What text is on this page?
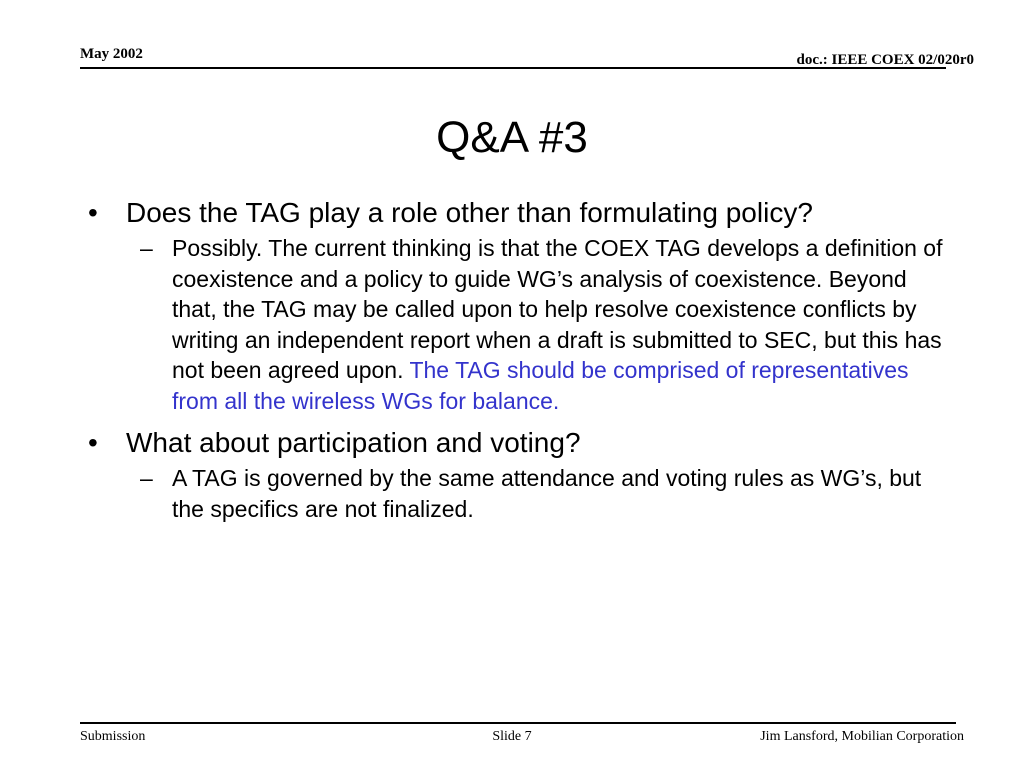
May 2002	doc.: IEEE COEX 02/020r0
Q&A #3

• Does the TAG play a role other than formulating policy?

– Possibly. The current thinking is that the COEX TAG develops a definition of coexistence and a policy to guide WG’s analysis of coexistence. Beyond that, the TAG may be called upon to help resolve coexistence conflicts by writing an independent report when a draft is submitted to SEC, but this has not been agreed upon. The TAG should be comprised of representatives from all the wireless WGs for balance.

• What about participation and voting?

– A TAG is governed by the same attendance and voting rules as WG’s, but the specifics are not finalized.

Submission	Slide 7	Jim Lansford, Mobilian Corporation
